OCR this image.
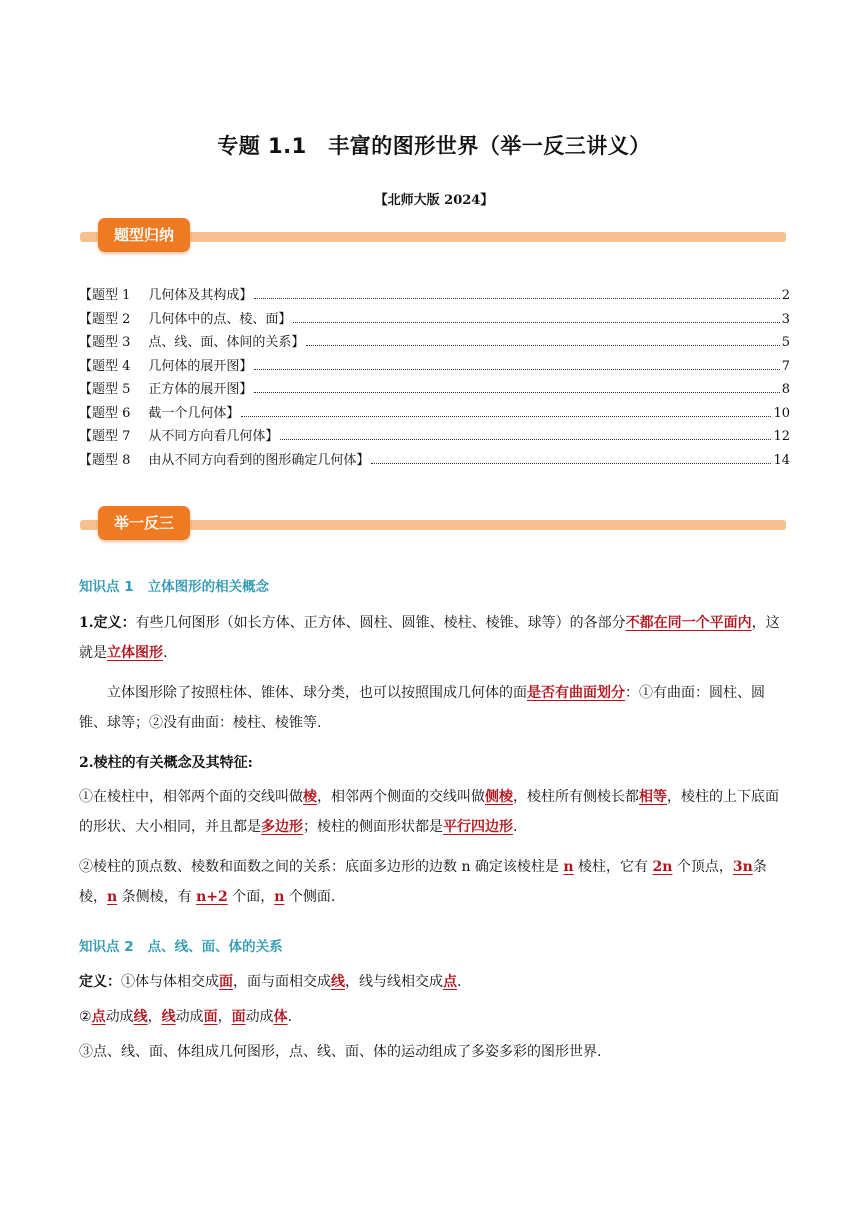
专题 1.1　丰富的图形世界（举一反三讲义）
【北师大版 2024】
题型归纳
【题型 1 几何体及其构成】	2
【题型 2 几何体中的点、棱、面】	3
【题型 3 点、线、面、体间的关系】	5
【题型 4 几何体的展开图】	7
【题型 5 正方体的展开图】	8
【题型 6 截一个几何体】	10
【题型 7 从不同方向看几何体】	12
【题型 8 由从不同方向看到的图形确定几何体】	14
举一反三
知识点 1 立体图形的相关概念
1.定义：有些几何图形（如长方体、正方体、圆柱、圆锥、棱柱、棱锥、球等）的各部分不都在同一个平面内，这就是立体图形.
立体图形除了按照柱体、锥体、球分类，也可以按照围成几何体的面是否有曲面划分：①有曲面：圆柱、圆锥、球等；②没有曲面：棱柱、棱锥等.
2.棱柱的有关概念及其特征:
①在棱柱中，相邻两个面的交线叫做棱，相邻两个侧面的交线叫做侧棱，棱柱所有侧棱长都相等，棱柱的上下底面的形状、大小相同，并且都是多边形；棱柱的侧面形状都是平行四边形.
②棱柱的顶点数、棱数和面数之间的关系：底面多边形的边数 n 确定该棱柱是 n 棱柱，它有 2n 个顶点，3n条棱，n 条侧棱，有 n+2 个面，n 个侧面.
知识点 2 点、线、面、体的关系
定义：①体与体相交成面，面与面相交成线，线与线相交成点.
②点动成线，线动成面，面动成体.
③点、线、面、体组成几何图形，点、线、面、体的运动组成了多姿多彩的图形世界.
